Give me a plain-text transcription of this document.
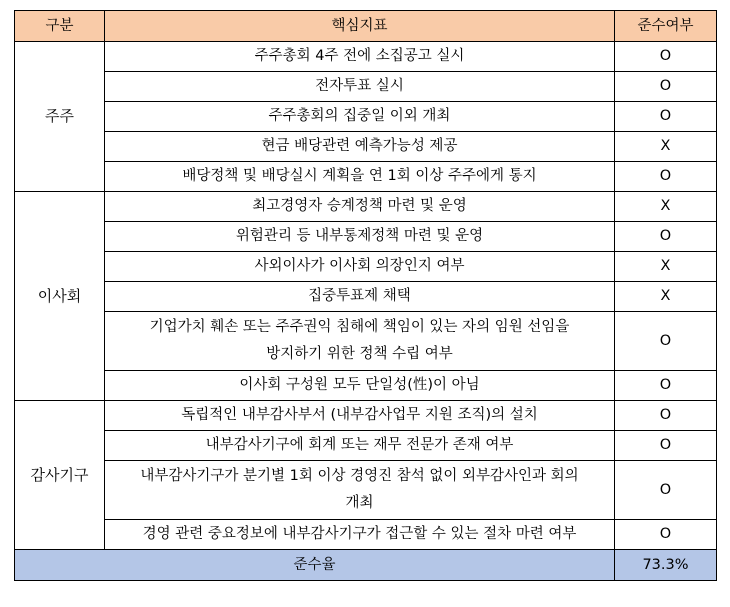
구분	핵심지표	준수여부
주주	주주총회 4주 전에 소집공고 실시	O
	전자투표 실시	O
	주주총회의 집중일 이외 개최	O
	현금 배당관련 예측가능성 제공	X
	배당정책 및 배당실시 계획을 연 1회 이상 주주에게 통지	O
이사회	최고경영자 승계정책 마련 및 운영	X
	위험관리 등 내부통제정책 마련 및 운영	O
	사외이사가 이사회 의장인지 여부	X
	집중투표제 채택	X
	기업가치 훼손 또는 주주권익 침해에 책임이 있는 자의 임원 선임을
방지하기 위한 정책 수립 여부	O
	이사회 구성원 모두 단일성(性)이 아님	O
감사기구	독립적인 내부감사부서 (내부감사업무 지원 조직)의 설치	O
	내부감사기구에 회계 또는 재무 전문가 존재 여부	O
	내부감사기구가 분기별 1회 이상 경영진 참석 없이 외부감사인과 회의
개최	O
	경영 관련 중요정보에 내부감사기구가 접근할 수 있는 절차 마련 여부	O
준수율		73.3%
